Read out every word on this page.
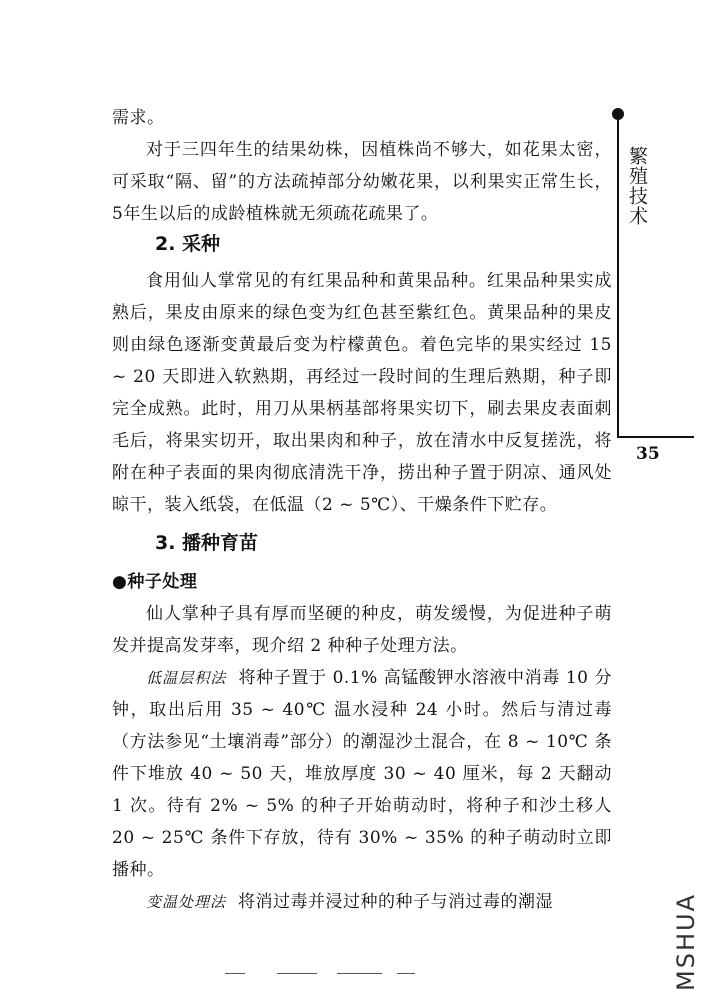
繁殖技术
35

需求。

对于三四年生的结果幼株，因植株尚不够大，如花果太密，可采取“隔、留”的方法疏掉部分幼嫩花果，以利果实正常生长，5年生以后的成龄植株就无须疏花疏果了。

2. 采种

食用仙人掌常见的有红果品种和黄果品种。红果品种果实成熟后，果皮由原来的绿色变为红色甚至紫红色。黄果品种的果皮则由绿色逐渐变黄最后变为柠檬黄色。着色完毕的果实经过 15 ~ 20 天即进入软熟期，再经过一段时间的生理后熟期，种子即完全成熟。此时，用刀从果柄基部将果实切下，刷去果皮表面刺毛后，将果实切开，取出果肉和种子，放在清水中反复搓洗，将附在种子表面的果肉彻底清洗干净，捞出种子置于阴凉、通风处晾干，装入纸袋，在低温（2 ~ 5℃）、干燥条件下贮存。

3. 播种育苗

●种子处理

仙人掌种子具有厚而坚硬的种皮，萌发缓慢，为促进种子萌发并提高发芽率，现介绍 2 种种子处理方法。

低温层积法 将种子置于 0.1% 高锰酸钾水溶液中消毒 10 分钟，取出后用 35 ~ 40℃ 温水浸种 24 小时。然后与清过毒（方法参见“土壤消毒”部分）的潮湿沙土混合，在 8 ~ 10℃ 条件下堆放 40 ~ 50 天，堆放厚度 30 ~ 40 厘米，每 2 天翻动 1 次。待有 2% ~ 5% 的种子开始萌动时，将种子和沙土移人 20 ~ 25℃ 条件下存放，待有 30% ~ 35% 的种子萌动时立即播种。

变温处理法 将消过毒并浸过种的种子与消过毒的潮湿	MSHUA
